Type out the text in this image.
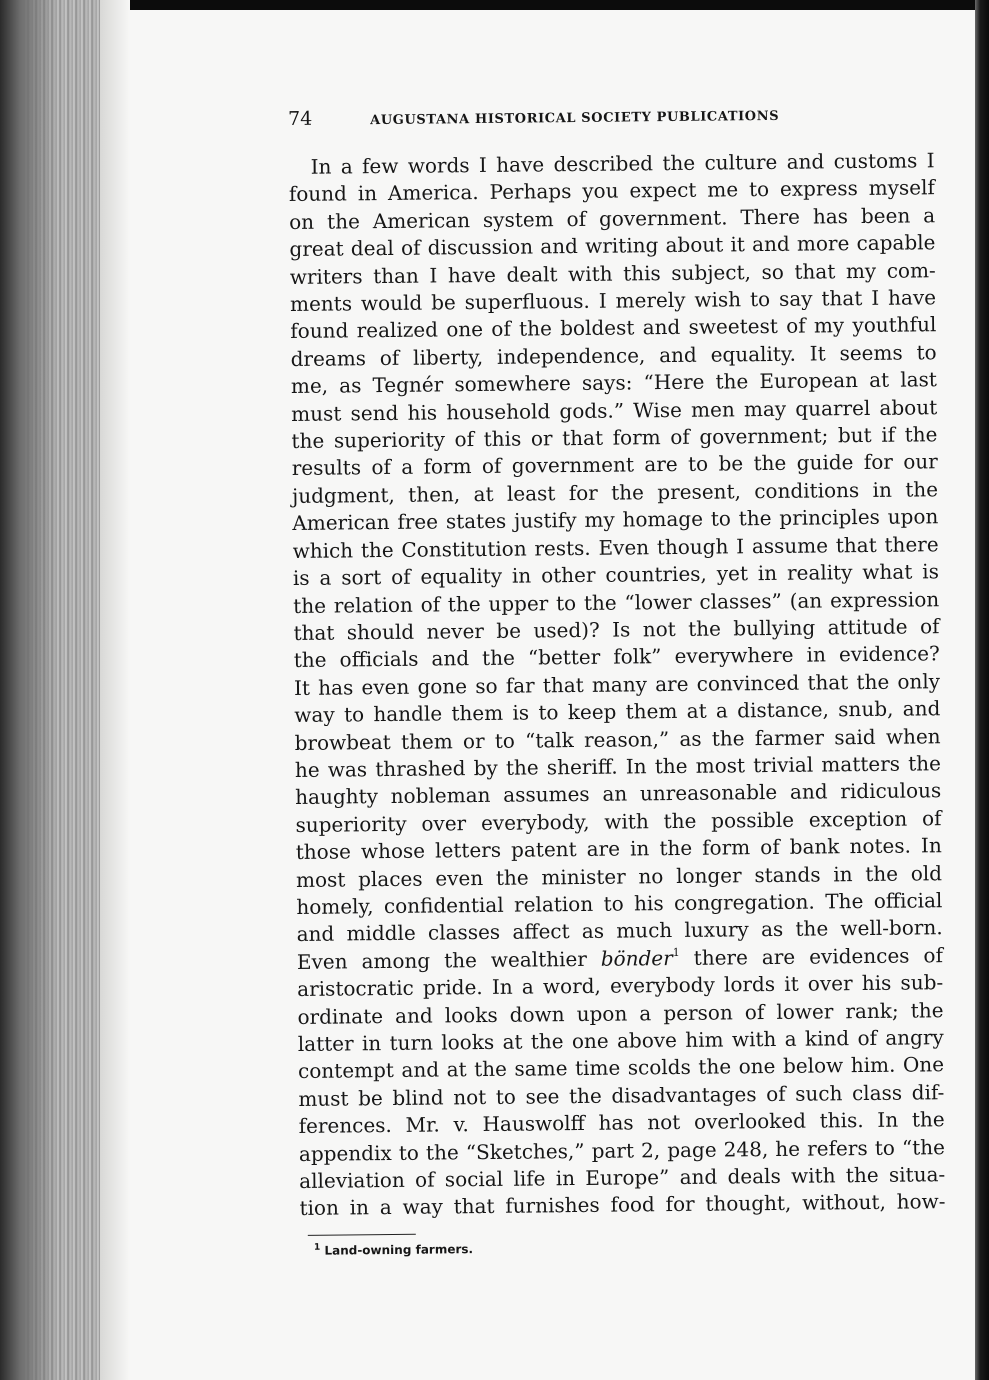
74	AUGUSTANA HISTORICAL SOCIETY PUBLICATIONS
In a few words I have described the culture and customs I
found in America. Perhaps you expect me to express myself
on the American system of government. There has been a
great deal of discussion and writing about it and more capable
writers than I have dealt with this subject, so that my com-
ments would be superfluous. I merely wish to say that I have
found realized one of the boldest and sweetest of my youthful
dreams of liberty, independence, and equality. It seems to
me, as Tegnér somewhere says: “Here the European at last
must send his household gods.” Wise men may quarrel about
the superiority of this or that form of government; but if the
results of a form of government are to be the guide for our
judgment, then, at least for the present, conditions in the
American free states justify my homage to the principles upon
which the Constitution rests. Even though I assume that there
is a sort of equality in other countries, yet in reality what is
the relation of the upper to the “lower classes” (an expression
that should never be used)? Is not the bullying attitude of
the officials and the “better folk” everywhere in evidence?
It has even gone so far that many are convinced that the only
way to handle them is to keep them at a distance, snub, and
browbeat them or to “talk reason,” as the farmer said when
he was thrashed by the sheriff. In the most trivial matters the
haughty nobleman assumes an unreasonable and ridiculous
superiority over everybody, with the possible exception of
those whose letters patent are in the form of bank notes. In
most places even the minister no longer stands in the old
homely, confidential relation to his congregation. The official
and middle classes affect as much luxury as the well-born.
Even among the wealthier bönder$^1$ there are evidences of
aristocratic pride. In a word, everybody lords it over his sub-
ordinate and looks down upon a person of lower rank; the
latter in turn looks at the one above him with a kind of angry
contempt and at the same time scolds the one below him. One
must be blind not to see the disadvantages of such class dif-
ferences. Mr. v. Hauswolff has not overlooked this. In the
appendix to the “Sketches,” part 2, page 248, he refers to “the
alleviation of social life in Europe” and deals with the situa-
tion in a way that furnishes food for thought, without, how-
$^1$ Land-owning farmers.
